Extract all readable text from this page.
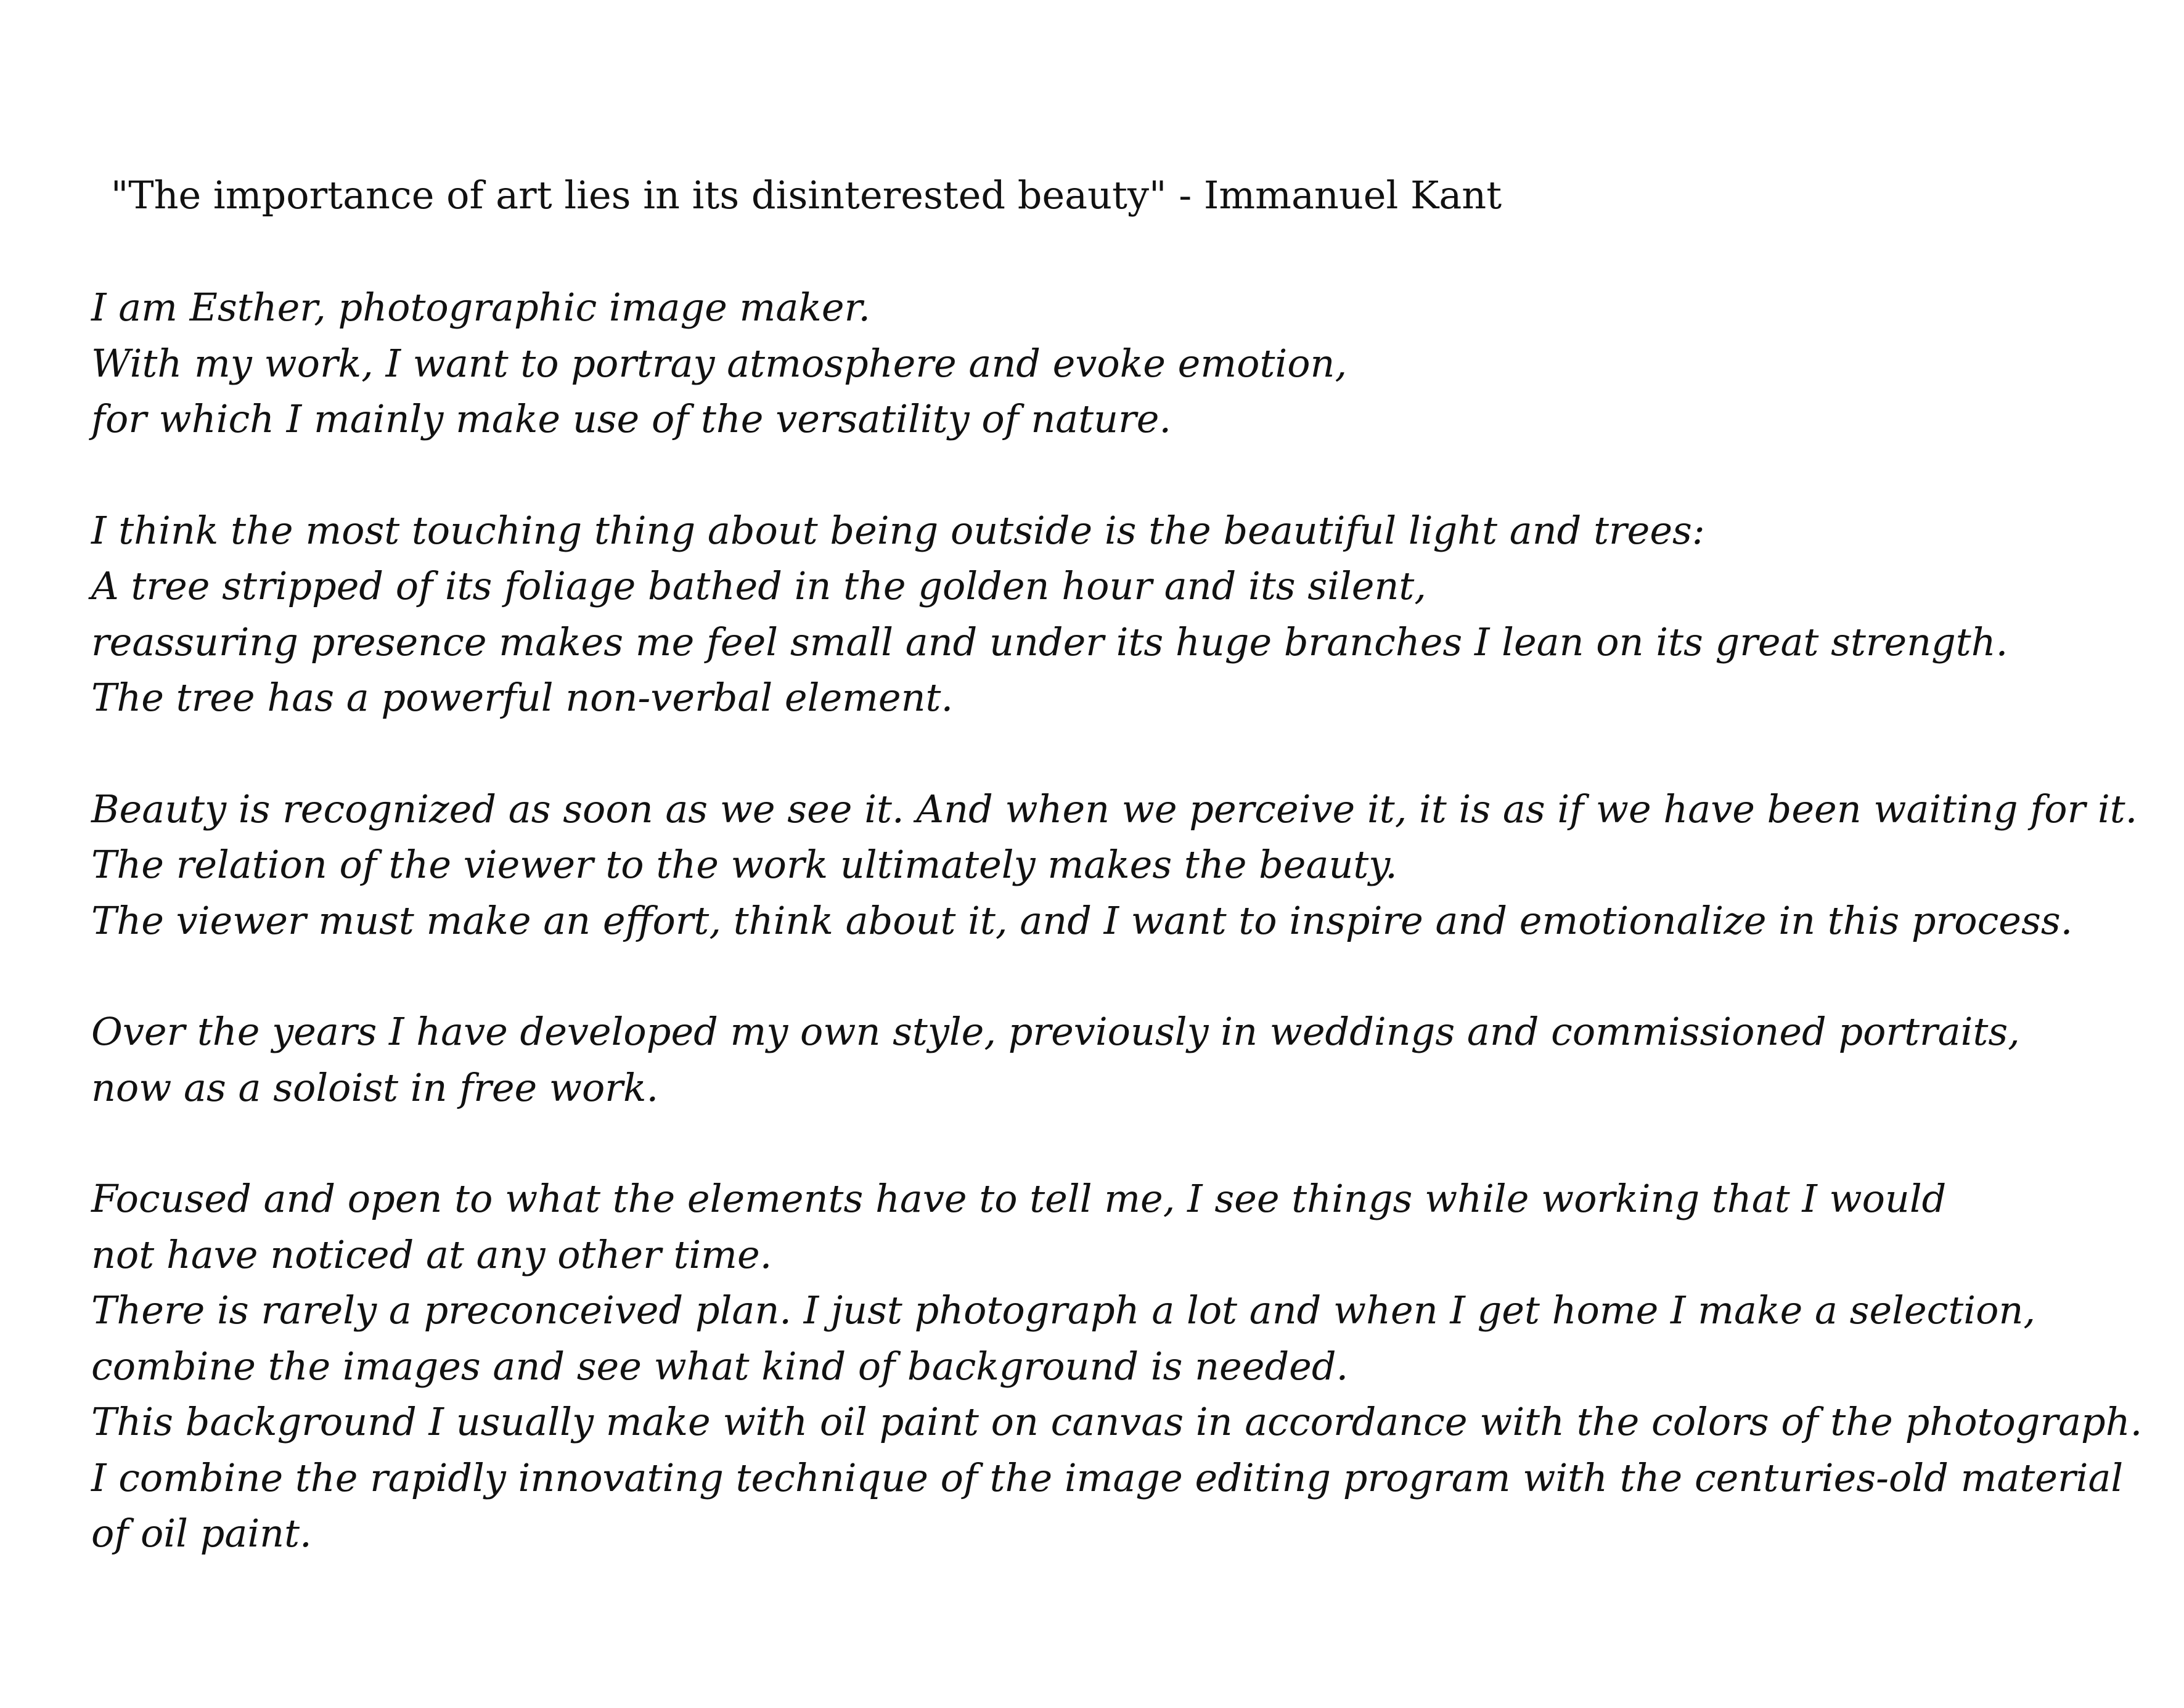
"The importance of art lies in its disinterested beauty" - Immanuel Kant
I am Esther, photographic image maker.
With my work, I want to portray atmosphere and evoke emotion,
for which I mainly make use of the versatility of nature.
I think the most touching thing about being outside is the beautiful light and trees:
A tree stripped of its foliage bathed in the golden hour and its silent,
reassuring presence makes me feel small and under its huge branches I lean on its great strength.
The tree has a powerful non-verbal element.
Beauty is recognized as soon as we see it. And when we perceive it, it is as if we have been waiting for it.
The relation of the viewer to the work ultimately makes the beauty.
The viewer must make an effort, think about it, and I want to inspire and emotionalize in this process.
Over the years I have developed my own style, previously in weddings and commissioned portraits,
now as a soloist in free work.
Focused and open to what the elements have to tell me, I see things while working that I would
not have noticed at any other time.
There is rarely a preconceived plan. I just photograph a lot and when I get home I make a selection,
combine the images and see what kind of background is needed.
This background I usually make with oil paint on canvas in accordance with the colors of the photograph.
I combine the rapidly innovating technique of the image editing program with the centuries-old material
of oil paint.
